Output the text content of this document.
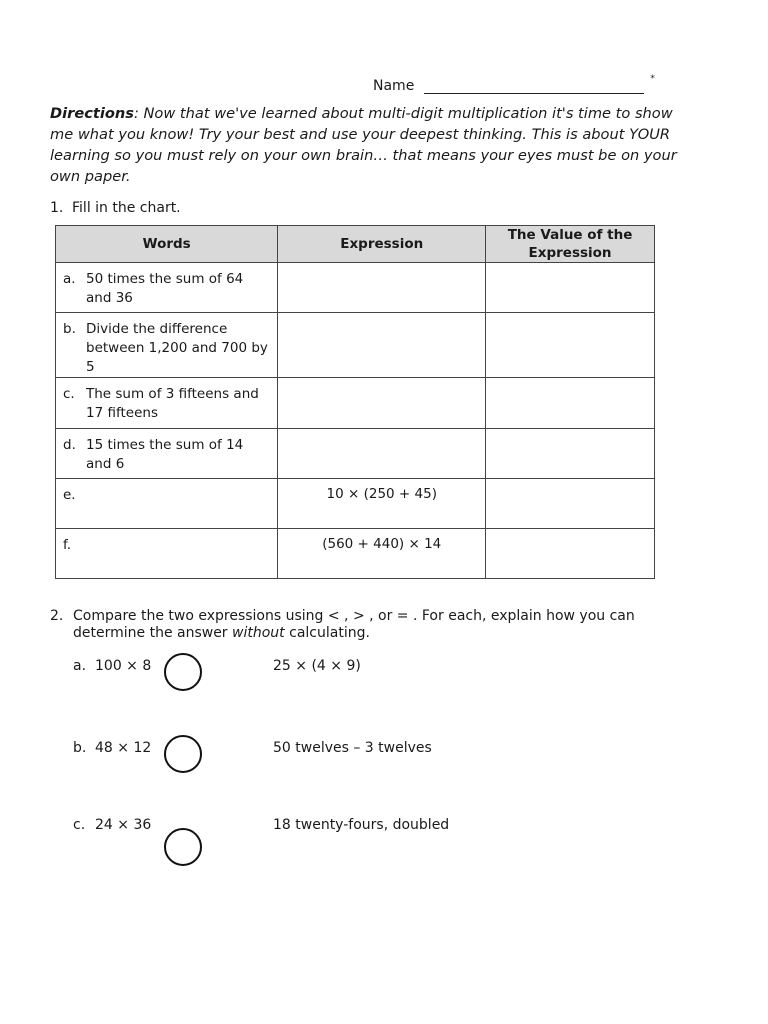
Name	*
Directions: Now that we've learned about multi-digit multiplication it's time to show me what you know! Try your best and use your deepest thinking. This is about YOUR learning so you must rely on your own brain… that means your eyes must be on your own paper.
1. Fill in the chart.
Words	Expression	The Value of the Expression

a. 50 times the sum of 64 and 36		

b. Divide the difference between 1,200 and 700 by 5		

c. The sum of 3 fifteens and 17 fifteens		

d. 15 times the sum of 14 and 6		

e.	10 × (250 + 45)	

f.	(560 + 440) × 14	
2. Compare the two expressions using < , > , or = . For each, explain how you can determine the answer without calculating.
a. 100 × 8	25 × (4 × 9)
b. 48 × 12	50 twelves – 3 twelves
c. 24 × 36	18 twenty-fours, doubled
